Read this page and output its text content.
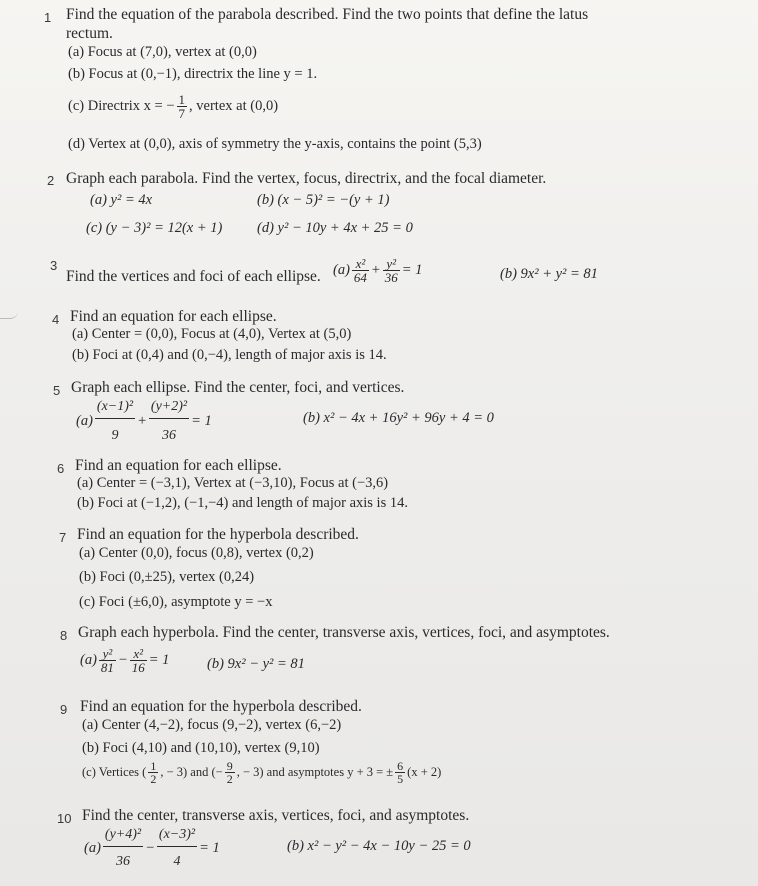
1 Find the equation of the parabola described. Find the two points that define the latus
rectum.
(a) Focus at (7,0), vertex at (0,0)
(b) Focus at (0,−1), directrix the line y = 1.
(c) Directrix x = − $\frac{1}{7}$ , vertex at (0,0)
(d) Vertex at (0,0), axis of symmetry the y-axis, contains the point (5,3)
2 Graph each parabola. Find the vertex, focus, directrix, and the focal diameter.
(a) y² = 4x	(b) (x − 5)² = −(y + 1)
(c) (y − 3)² = 12(x + 1) (d) y² − 10y + 4x + 25 = 0
3
Find the vertices and foci of each ellipse. $(a) \frac{\text{x²}}{64} + \frac{\text{y²}}{36} = 1$	(b) 9x² + y² = 81
4 Find an equation for each ellipse.
(a) Center = (0,0), Focus at (4,0), Vertex at (5,0)
(b) Foci at (0,4) and (0,−4), length of major axis is 14.
5 Graph each ellipse. Find the center, foci, and vertices.
$(a) \frac{\text{(x−1)²}}{9} + \frac{\text{(y+2)²}}{36} = 1$	(b) x² − 4x + 16y² + 96y + 4 = 0
6 Find an equation for each ellipse.
(a) Center = (−3,1), Vertex at (−3,10), Focus at (−3,6)
(b) Foci at (−1,2), (−1,−4) and length of major axis is 14.
7 Find an equation for the hyperbola described.
(a) Center (0,0), focus (0,8), vertex (0,2)
(b) Foci (0,±25), vertex (0,24)
(c) Foci (±6,0), asymptote y = −x
8 Graph each hyperbola. Find the center, transverse axis, vertices, foci, and asymptotes.
$(a) \frac{\text{y²}}{81} - \frac{\text{x²}}{16} = 1$	(b) 9x² − y² = 81
9 Find an equation for the hyperbola described.
(a) Center (4,−2), focus (9,−2), vertex (6,−2)
(b) Foci (4,10) and (10,10), vertex (9,10)
(c) Vertices ( $\frac{1}{2}$ , − 3) and (− $\frac{9}{2}$ , − 3) and asymptotes y + 3 = ± $\frac{6}{5} (x + 2)$
10 Find the center, transverse axis, vertices, foci, and asymptotes.
$(a) \frac{\text{(y+4)²}}{36} - \frac{\text{(x−3)²}}{4} = 1$	(b) x² − y² − 4x − 10y − 25 = 0
